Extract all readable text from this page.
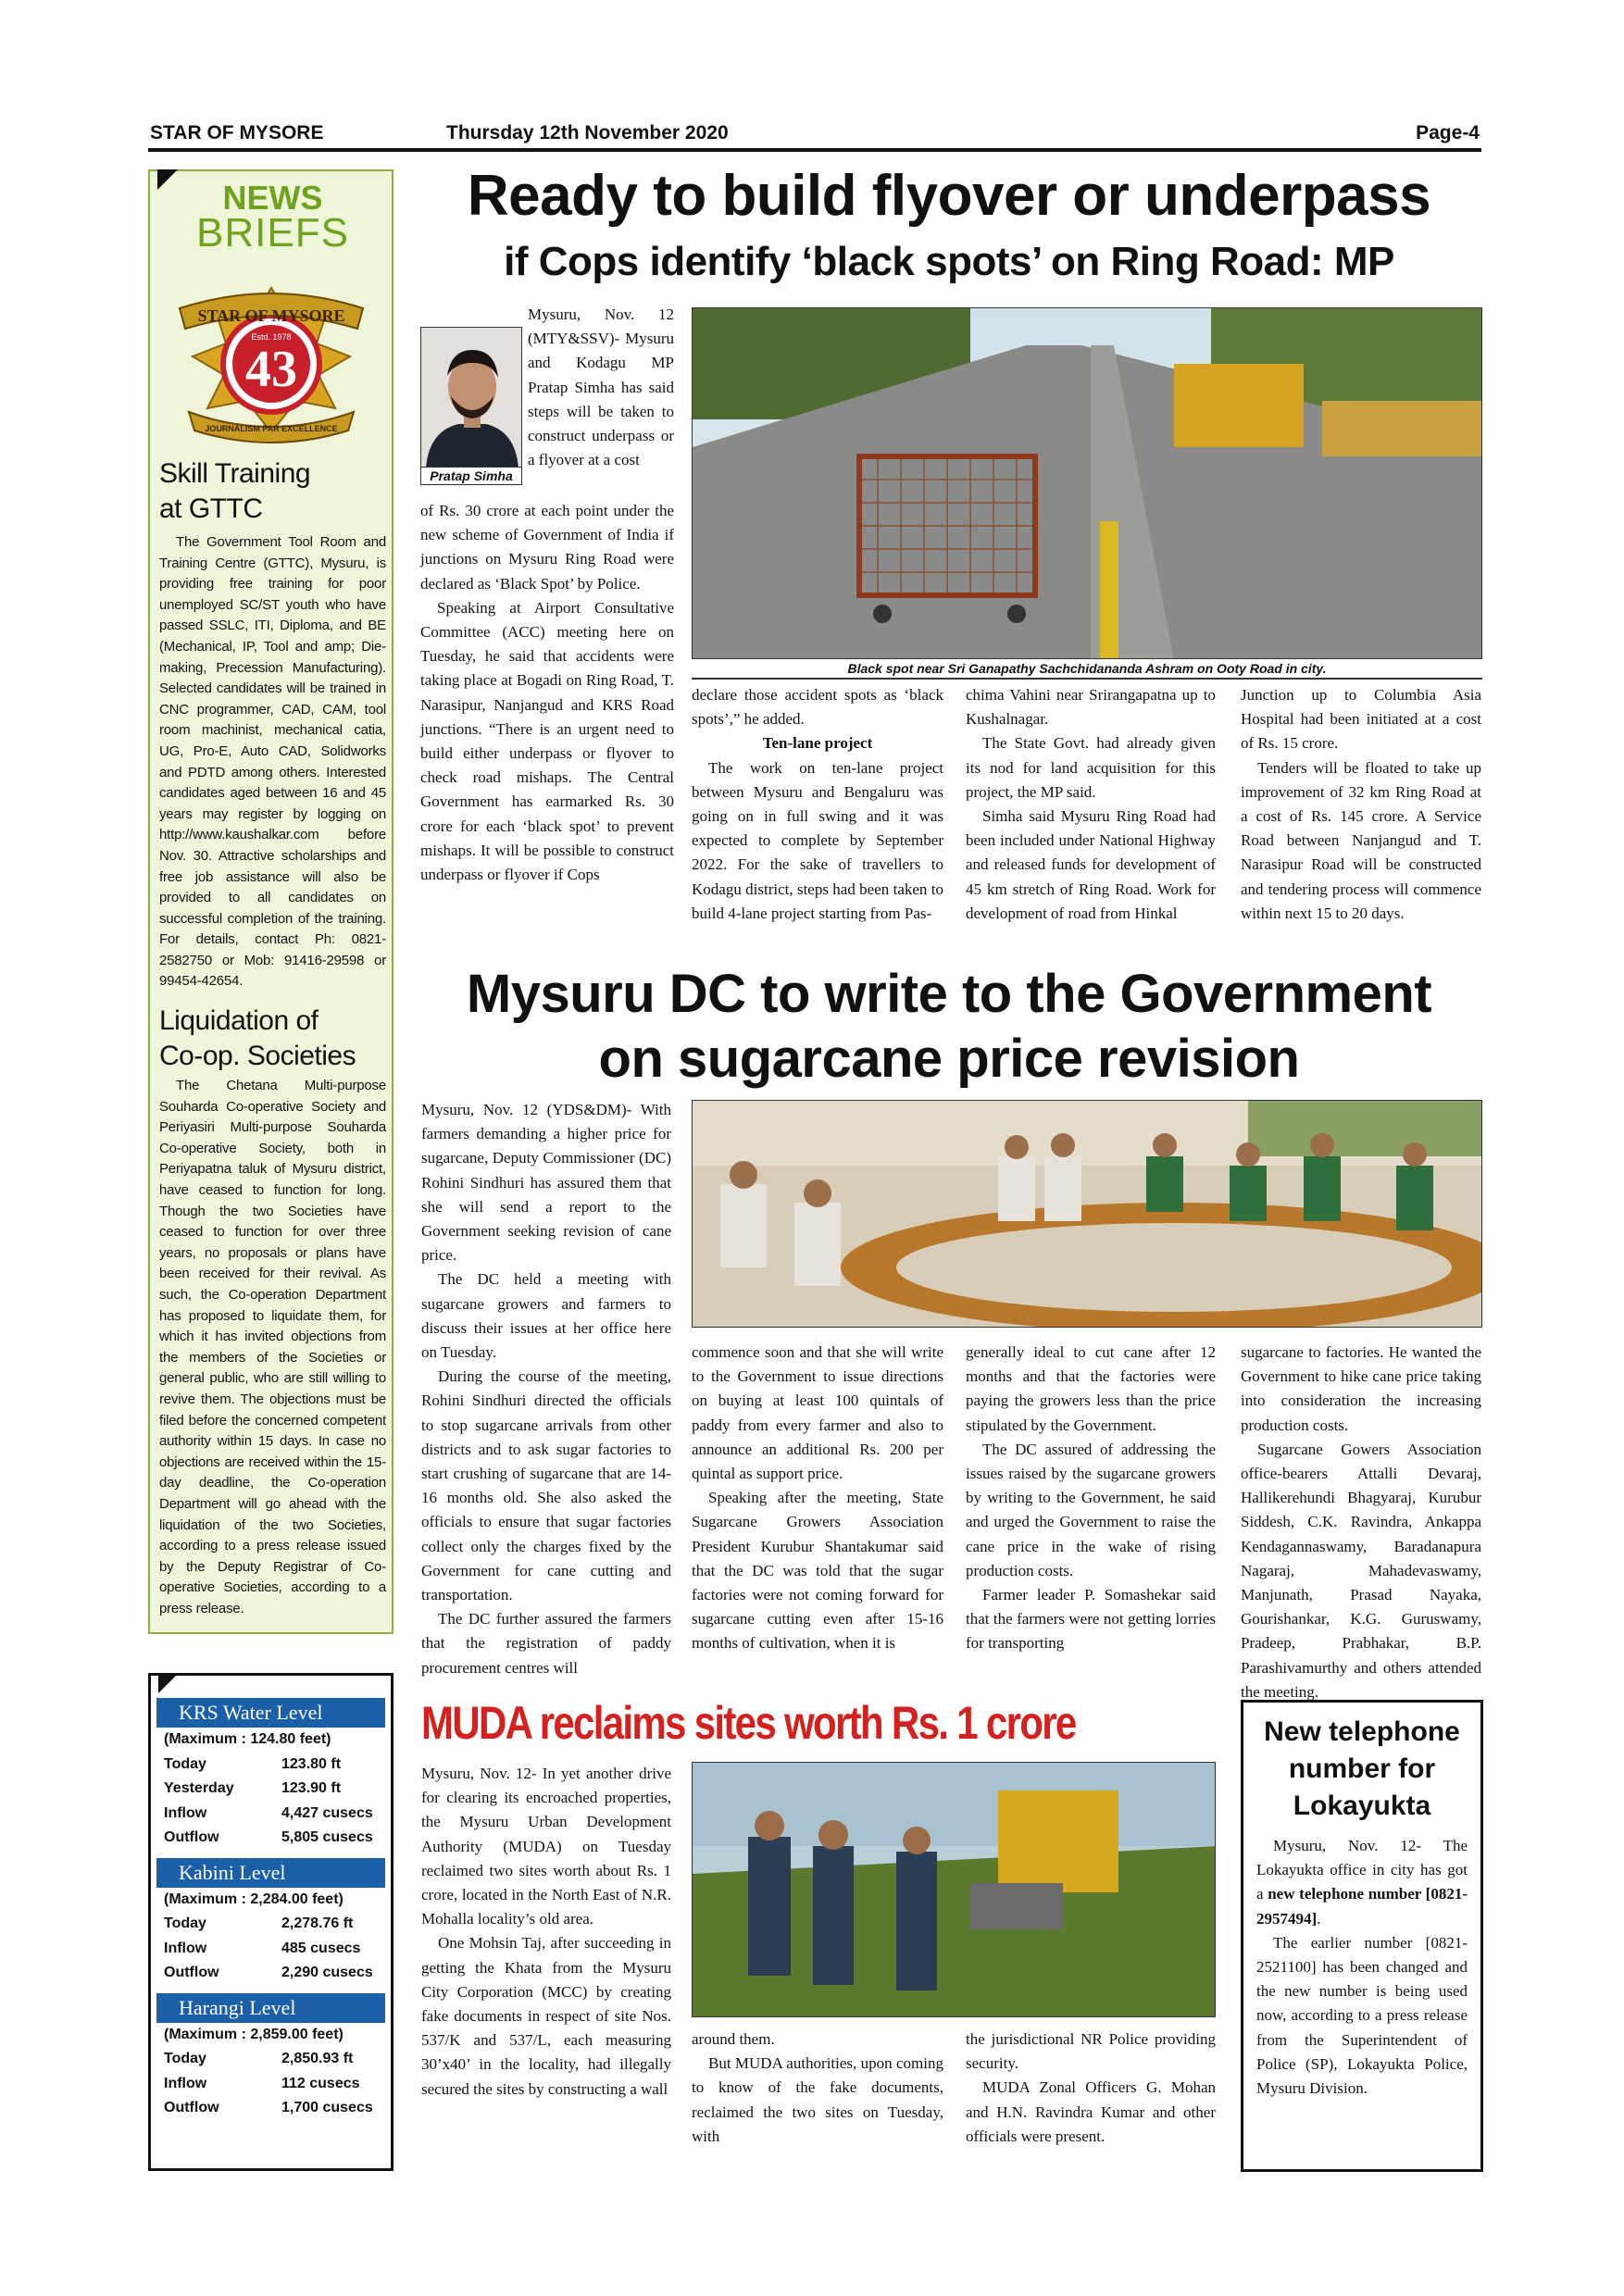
STAR OF MYSORE	Thursday 12th November 2020	Page-4
NEWS
BRIEFS
STAR OF MYSORE
Estd. 1978
43
JOURNALISM PAR EXCELLENCE
Skill Training at GTTC

The Government Tool Room and Training Centre (GTTC), Mysuru, is providing free training for poor unemployed SC/ST youth who have passed SSLC, ITI, Diploma, and BE (Mechanical, IP, Tool and amp; Die-making, Precession Manufacturing). Selected candidates will be trained in CNC programmer, CAD, CAM, tool room machinist, mechanical catia, UG, Pro-E, Auto CAD, Solidworks and PDTD among others. Interested candidates aged between 16 and 45 years may register by logging on http://www.kaushalkar.com before Nov. 30. Attractive scholarships and free job assistance will also be provided to all candidates on successful completion of the training. For details, contact Ph: 0821-2582750 or Mob: 91416-29598 or 99454-42654.

Liquidation of Co-op. Societies

The Chetana Multi-purpose Souharda Co-operative Society and Periyasiri Multi-purpose Souharda Co-operative Society, both in Periyapatna taluk of Mysuru district, have ceased to function for long. Though the two Societies have ceased to function for over three years, no proposals or plans have been received for their revival. As such, the Co-operation Department has proposed to liquidate them, for which it has invited objections from the members of the Societies or general public, who are still willing to revive them. The objections must be filed before the concerned competent authority within 15 days. In case no objections are received within the 15-day deadline, the Co-operation Department will go ahead with the liquidation of the two Societies, according to a press release issued by the Deputy Registrar of Co-operative Societies, according to a press release.

KRS Water Level
(Maximum : 124.80 feet)
Today	123.80 ft
Yesterday	123.90 ft
Inflow	4,427 cusecs
Outflow	5,805 cusecs
Kabini Level
(Maximum : 2,284.00 feet)
Today	2,278.76 ft
Inflow	485 cusecs
Outflow	2,290 cusecs
Harangi Level
(Maximum : 2,859.00 feet)
Today	2,850.93 ft
Inflow	112 cusecs
Outflow	1,700 cusecs
Ready to build flyover or underpass
if Cops identify ‘black spots’ on Ring Road: MP
Pratap Simha

Mysuru, Nov. 12 (MTY&SSV)- Mysuru and Kodagu MP Pratap Simha has said steps will be taken to construct underpass or a flyover at a cost

of Rs. 30 crore at each point under the new scheme of Government of India if junctions on Mysuru Ring Road were declared as ‘Black Spot’ by Police.

Speaking at Airport Consultative Committee (ACC) meeting here on Tuesday, he said that accidents were taking place at Bogadi on Ring Road, T. Narasipur, Nanjangud and KRS Road junctions. “There is an urgent need to build either underpass or flyover to check road mishaps. The Central Government has earmarked Rs. 30 crore for each ‘black spot’ to prevent mishaps. It will be possible to construct underpass or flyover if Cops

Black spot near Sri Ganapathy Sachchidananda Ashram on Ooty Road in city.

declare those accident spots as ‘black spots’,” he added.

Ten-lane project

The work on ten-lane project between Mysuru and Bengaluru was going on in full swing and it was expected to complete by September 2022. For the sake of travellers to Kodagu district, steps had been taken to build 4-lane project starting from Pas-

chima Vahini near Srirangapatna up to Kushalnagar.

The State Govt. had already given its nod for land acquisition for this project, the MP said.

Simha said Mysuru Ring Road had been included under National Highway and released funds for development of 45 km stretch of Ring Road. Work for development of road from Hinkal

Junction up to Columbia Asia Hospital had been initiated at a cost of Rs. 15 crore.

Tenders will be floated to take up improvement of 32 km Ring Road at a cost of Rs. 145 crore. A Service Road between Nanjangud and T. Narasipur Road will be constructed and tendering process will commence within next 15 to 20 days.

Mysuru DC to write to the Government
on sugarcane price revision

Mysuru, Nov. 12 (YDS&DM)- With farmers demanding a higher price for sugarcane, Deputy Commissioner (DC) Rohini Sindhuri has assured them that she will send a report to the Government seeking revision of cane price.

The DC held a meeting with sugarcane growers and farmers to discuss their issues at her office here on Tuesday.

During the course of the meeting, Rohini Sindhuri directed the officials to stop sugarcane arrivals from other districts and to ask sugar factories to start crushing of sugarcane that are 14-16 months old. She also asked the officials to ensure that sugar factories collect only the charges fixed by the Government for cane cutting and transportation.

The DC further assured the farmers that the registration of paddy procurement centres will

commence soon and that she will write to the Government to issue directions on buying at least 100 quintals of paddy from every farmer and also to announce an additional Rs. 200 per quintal as support price.

Speaking after the meeting, State Sugarcane Growers Association President Kurubur Shantakumar said that the DC was told that the sugar factories were not coming forward for sugarcane cutting even after 15-16 months of cultivation, when it is

generally ideal to cut cane after 12 months and that the factories were paying the growers less than the price stipulated by the Government.

The DC assured of addressing the issues raised by the sugarcane growers by writing to the Government, he said and urged the Government to raise the cane price in the wake of rising production costs.

Farmer leader P. Somashekar said that the farmers were not getting lorries for transporting

sugarcane to factories. He wanted the Government to hike cane price taking into consideration the increasing production costs.

Sugarcane Gowers Association office-bearers Attalli Devaraj, Hallikerehundi Bhagyaraj, Kurubur Siddesh, C.K. Ravindra, Ankappa Kendagannaswamy, Baradanapura Nagaraj, Mahadevaswamy, Manjunath, Prasad Nayaka, Gourishankar, K.G. Guruswamy, Pradeep, Prabhakar, B.P. Parashivamurthy and others attended the meeting.

MUDA reclaims sites worth Rs. 1 crore

Mysuru, Nov. 12- In yet another drive for clearing its encroached properties, the Mysuru Urban Development Authority (MUDA) on Tuesday reclaimed two sites worth about Rs. 1 crore, located in the North East of N.R. Mohalla locality’s old area.

One Mohsin Taj, after succeeding in getting the Khata from the Mysuru City Corporation (MCC) by creating fake documents in respect of site Nos. 537/K and 537/L, each measuring 30’x40’ in the locality, had illegally secured the sites by constructing a wall

around them.

But MUDA authorities, upon coming to know of the fake documents, reclaimed the two sites on Tuesday, with

the jurisdictional NR Police providing security.

MUDA Zonal Officers G. Mohan and H.N. Ravindra Kumar and other officials were present.

New telephone number for Lokayukta

Mysuru, Nov. 12- The Lokayukta office in city has got a new telephone number [0821-2957494].

The earlier number [0821-2521100] has been changed and the new number is being used now, according to a press release from the Superintendent of Police (SP), Lokayukta Police, Mysuru Division.
